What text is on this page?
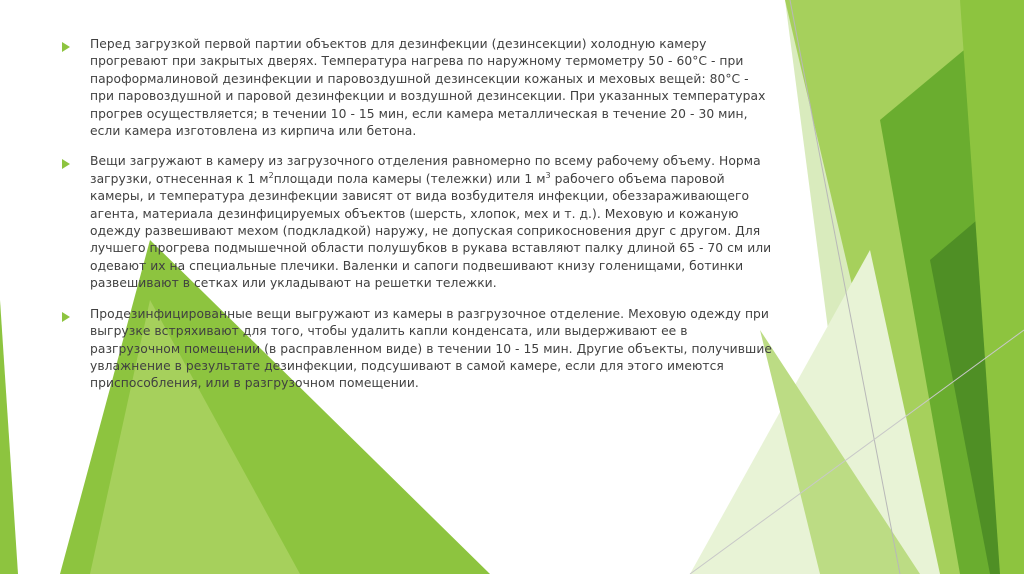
Перед загрузкой первой партии объектов для дезинфекции (дезинсекции) холодную камеру прогревают при закрытых дверях. Температура нагрева по наружному термометру 50 - 60°С - при пароформалиновой дезинфекции и паровоздушной дезинсекции кожаных и меховых вещей: 80°С - при паровоздушной и паровой дезинфекции и воздушной дезинсекции. При указанных температурах прогрев осуществляется; в течении 10 - 15 мин, если камера металлическая в течение 20 - 30 мин, если камера изготовлена из кирпича или бетона.

Вещи загружают в камеру из загрузочного отделения равномерно по всему рабочему объему. Норма загрузки, отнесенная к 1 $м^2площади$ пола камеры (тележки) или 1 $м^3$ рабочего объема паровой камеры, и температура дезинфекции зависят от вида возбудителя инфекции, обеззараживающего агента, материала дезинфицируемых объектов (шерсть, хлопок, мех и т. д.). Меховую и кожаную одежду развешивают мехом (подкладкой) наружу, не допуская соприкосновения друг с другом. Для лучшего прогрева подмышечной области полушубков в рукава вставляют палку длиной 65 - 70 см или одевают их на специальные плечики. Валенки и сапоги подвешивают книзу голенищами, ботинки развешивают в сетках или укладывают на решетки тележки.

Продезинфицированные вещи выгружают из камеры в разгрузочное отделение. Меховую одежду при выгрузке встряхивают для того, чтобы удалить капли конденсата, или выдерживают ее в разгрузочном помещении (в расправленном виде) в течении 10 - 15 мин. Другие объекты, получившие увлажнение в результате дезинфекции, подсушивают в самой камере, если для этого имеются приспособления, или в разгрузочном помещении.
